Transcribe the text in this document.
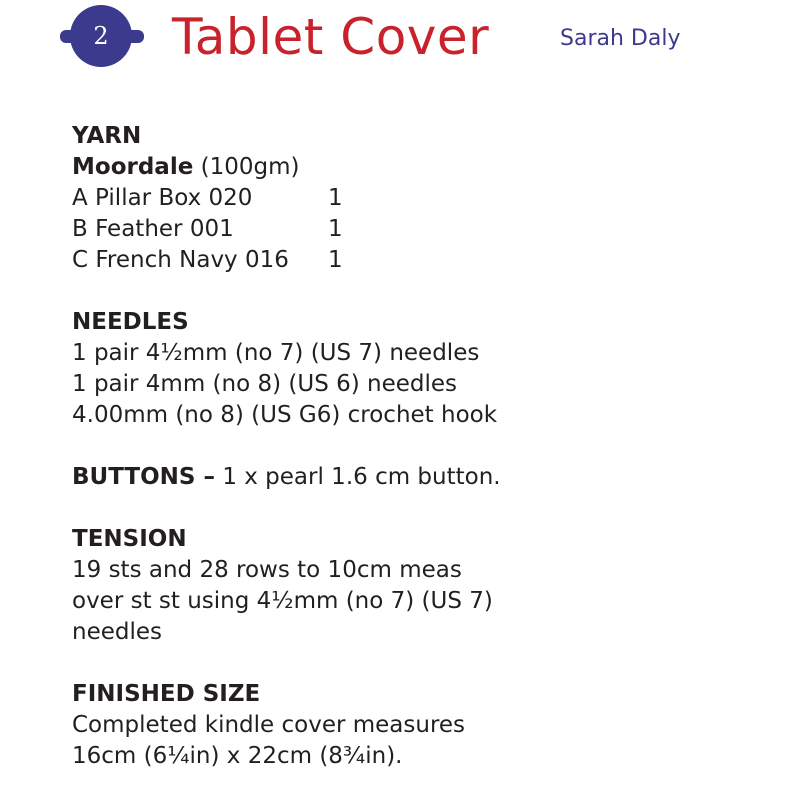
2 Tablet Cover	Sarah Daly
YARN
Moordale (100gm)
A Pillar Box 020	1
B Feather 001	1
C French Navy 016	1
NEEDLES
1 pair 4½mm (no 7) (US 7) needles
1 pair 4mm (no 8) (US 6) needles
4.00mm (no 8) (US G6) crochet hook
BUTTONS – 1 x pearl 1.6 cm button.
TENSION
19 sts and 28 rows to 10cm meas
over st st using 4½mm (no 7) (US 7)
needles
FINISHED SIZE
Completed kindle cover measures
16cm (6¼in) x 22cm (8¾in).
